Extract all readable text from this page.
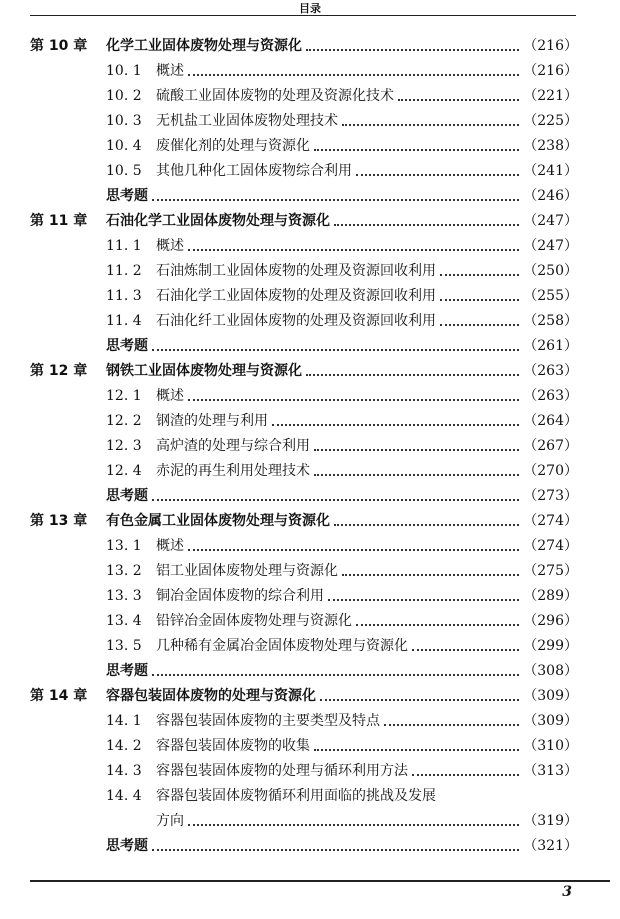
目录
第 10 章	化学工业固体废物处理与资源化	（216）
10. 1	概述	（216）
10. 2	硫酸工业固体废物的处理及资源化技术	（221）
10. 3	无机盐工业固体废物处理技术	（225）
10. 4	废催化剂的处理与资源化	（238）
10. 5	其他几种化工固体废物综合利用	（241）
思考题	（246）
第 11 章	石油化学工业固体废物处理与资源化	（247）
11. 1	概述	（247）
11. 2	石油炼制工业固体废物的处理及资源回收利用	（250）
11. 3	石油化学工业固体废物的处理及资源回收利用	（255）
11. 4	石油化纤工业固体废物的处理及资源回收利用	（258）
思考题	（261）
第 12 章	钢铁工业固体废物处理与资源化	（263）
12. 1	概述	（263）
12. 2	钢渣的处理与利用	（264）
12. 3	高炉渣的处理与综合利用	（267）
12. 4	赤泥的再生利用处理技术	（270）
思考题	（273）
第 13 章	有色金属工业固体废物处理与资源化	（274）
13. 1	概述	（274）
13. 2	铝工业固体废物处理与资源化	（275）
13. 3	铜冶金固体废物的综合利用	（289）
13. 4	铅锌冶金固体废物处理与资源化	（296）
13. 5	几种稀有金属冶金固体废物处理与资源化	（299）
思考题	（308）
第 14 章	容器包装固体废物的处理与资源化	（309）
14. 1	容器包装固体废物的主要类型及特点	（309）
14. 2	容器包装固体废物的收集	（310）
14. 3	容器包装固体废物的处理与循环利用方法	（313）
14. 4	容器包装固体废物循环利用面临的挑战及发展
方向	（319）
思考题	（321）
3
